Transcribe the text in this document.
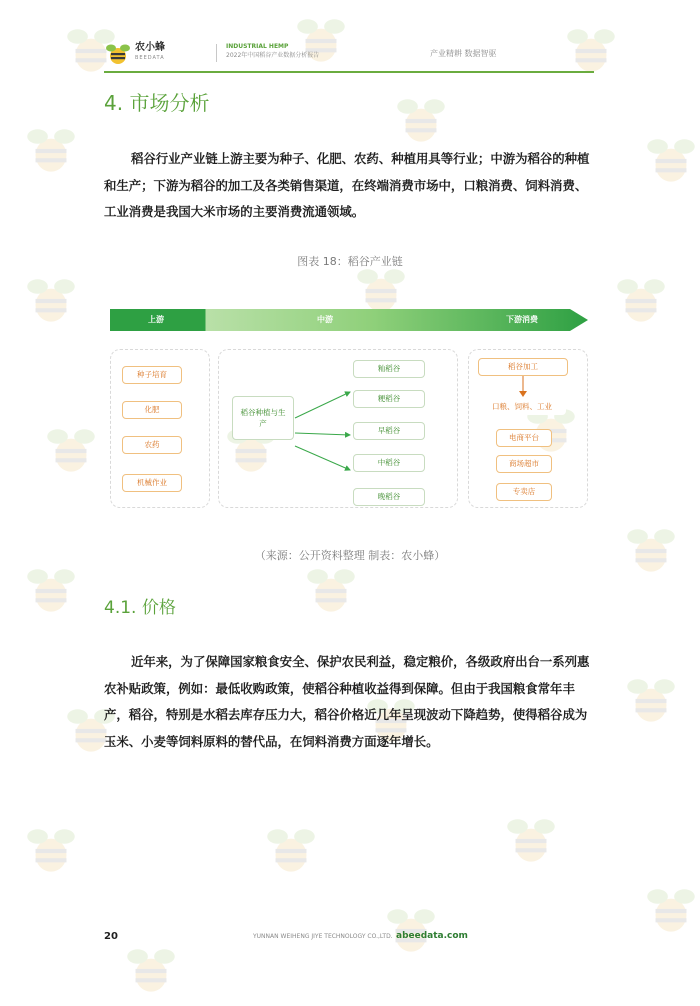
农小蜂
BEEDATA
INDUSTRIAL HEMP
2022年中国稻谷产业数据分析报告	产业精耕 数据智驱
4. 市场分析

稻谷行业产业链上游主要为种子、化肥、农药、种植用具等行业；中游为稻谷的种植和生产；下游为稻谷的加工及各类销售渠道，在终端消费市场中，口粮消费、饲料消费、工业消费是我国大米市场的主要消费流通领域。

图表 18：稻谷产业链
上游	中游	下游消费
种子培育
化肥
农药
机械作业
稻谷种植与生产
籼稻谷
粳稻谷
早稻谷
中稻谷
晚稻谷
稻谷加工
口粮、饲料、工业
电商平台
商场超市
专卖店
（来源：公开资料整理 制表：农小蜂）
4.1. 价格

近年来，为了保障国家粮食安全、保护农民利益，稳定粮价，各级政府出台一系列惠农补贴政策，例如：最低收购政策，使稻谷种植收益得到保障。但由于我国粮食常年丰产，稻谷，特别是水稻去库存压力大，稻谷价格近几年呈现波动下降趋势，使得稻谷成为玉米、小麦等饲料原料的替代品，在饲料消费方面逐年增长。

20	YUNNAN WEIHENG JIYE TECHNOLOGY CO.,LTD. abeedata.com
